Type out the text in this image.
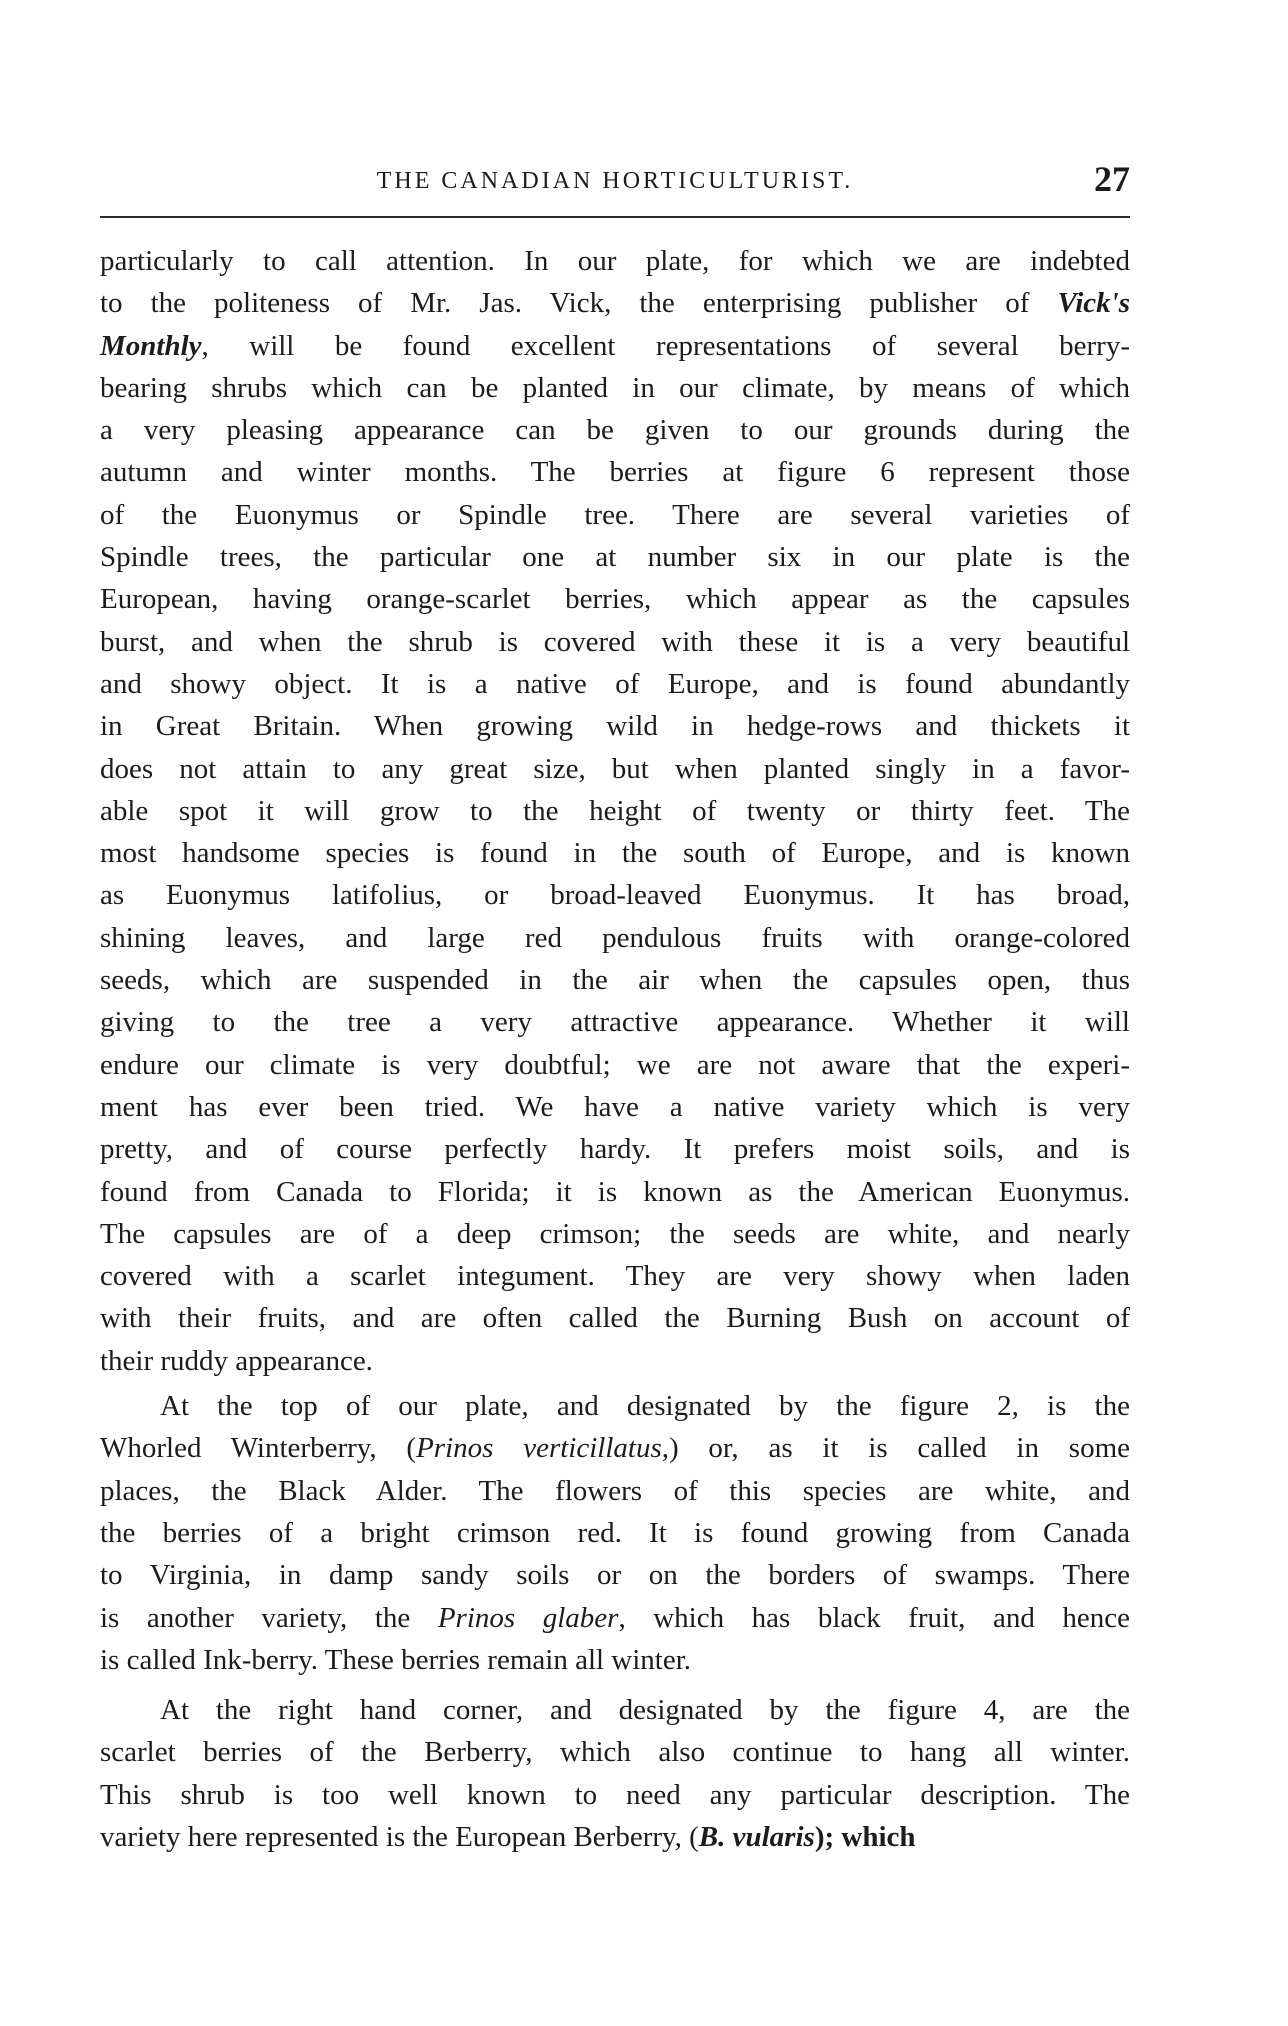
THE CANADIAN HORTICULTURIST.	27
particularly to call attention. In our plate, for which we are indebted
to the politeness of Mr. Jas. Vick, the enterprising publisher of Vick's
Monthly, will be found excellent representations of several berry-
bearing shrubs which can be planted in our climate, by means of which
a very pleasing appearance can be given to our grounds during the
autumn and winter months. The berries at figure 6 represent those
of the Euonymus or Spindle tree. There are several varieties of
Spindle trees, the particular one at number six in our plate is the
European, having orange-scarlet berries, which appear as the capsules
burst, and when the shrub is covered with these it is a very beautiful
and showy object. It is a native of Europe, and is found abundantly
in Great Britain. When growing wild in hedge-rows and thickets it
does not attain to any great size, but when planted singly in a favor-
able spot it will grow to the height of twenty or thirty feet. The
most handsome species is found in the south of Europe, and is known
as Euonymus latifolius, or broad-leaved Euonymus. It has broad,
shining leaves, and large red pendulous fruits with orange-colored
seeds, which are suspended in the air when the capsules open, thus
giving to the tree a very attractive appearance. Whether it will
endure our climate is very doubtful; we are not aware that the experi-
ment has ever been tried. We have a native variety which is very
pretty, and of course perfectly hardy. It prefers moist soils, and is
found from Canada to Florida; it is known as the American Euonymus.
The capsules are of a deep crimson; the seeds are white, and nearly
covered with a scarlet integument. They are very showy when laden
with their fruits, and are often called the Burning Bush on account of
their ruddy appearance.
At the top of our plate, and designated by the figure 2, is the
Whorled Winterberry, (Prinos verticillatus,) or, as it is called in some
places, the Black Alder. The flowers of this species are white, and
the berries of a bright crimson red. It is found growing from Canada
to Virginia, in damp sandy soils or on the borders of swamps. There
is another variety, the Prinos glaber, which has black fruit, and hence
is called Ink-berry. These berries remain all winter.
At the right hand corner, and designated by the figure 4, are the
scarlet berries of the Berberry, which also continue to hang all winter.
This shrub is too well known to need any particular description. The
variety here represented is the European Berberry, (B. vularis); which
